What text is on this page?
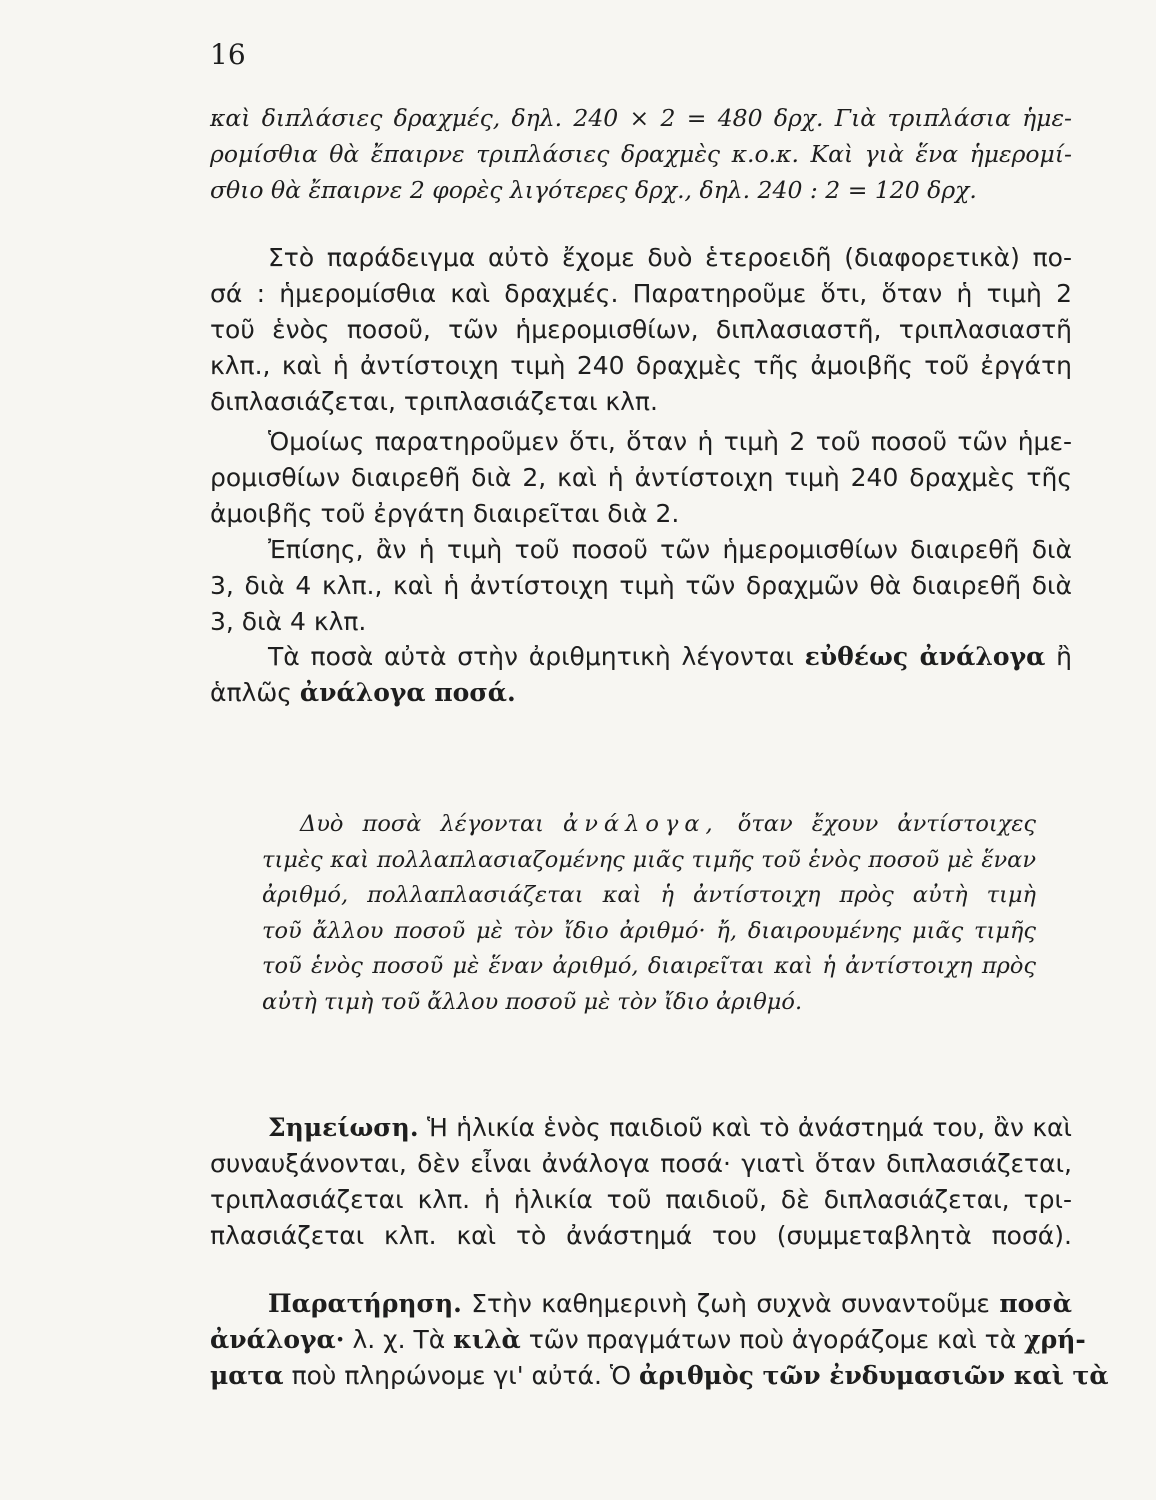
16
καὶ διπλάσιες δραχμές, δηλ. 240 × 2 = 480 δρχ. Γιὰ τριπλάσια ἡμε-
ρομίσθια θὰ ἔπαιρνε τριπλάσιες δραχμὲς κ.ο.κ. Καὶ γιὰ ἕνα ἡμερομί-
σθιο θὰ ἔπαιρνε 2 φορὲς λιγότερες δρχ., δηλ. 240 : 2 = 120 δρχ.
Στὸ παράδειγμα αὐτὸ ἔχομε δυὸ ἑτεροειδῆ (διαφορετικὰ) πο-
σά : ἡμερομίσθια καὶ δραχμές. Παρατηροῦμε ὅτι, ὅταν ἡ τιμὴ 2
τοῦ ἑνὸς ποσοῦ, τῶν ἡμερομισθίων, διπλασιαστῆ, τριπλασιαστῆ
κλπ., καὶ ἡ ἀντίστοιχη τιμὴ 240 δραχμὲς τῆς ἀμοιβῆς τοῦ ἐργάτη
διπλασιάζεται, τριπλασιάζεται κλπ.
Ὁμοίως παρατηροῦμεν ὅτι, ὅταν ἡ τιμὴ 2 τοῦ ποσοῦ τῶν ἡμε-
ρομισθίων διαιρεθῆ διὰ 2, καὶ ἡ ἀντίστοιχη τιμὴ 240 δραχμὲς τῆς
ἀμοιβῆς τοῦ ἐργάτη διαιρεῖται διὰ 2.
Ἐπίσης, ἂν ἡ τιμὴ τοῦ ποσοῦ τῶν ἡμερομισθίων διαιρεθῆ διὰ
3, διὰ 4 κλπ., καὶ ἡ ἀντίστοιχη τιμὴ τῶν δραχμῶν θὰ διαιρεθῆ διὰ
3, διὰ 4 κλπ.
Τὰ ποσὰ αὐτὰ στὴν ἀριθμητικὴ λέγονται εὐθέως ἀνάλογα ἢ
ἁπλῶς ἀνάλογα ποσά.
Δυὸ ποσὰ λέγονται ἀνάλογα, ὅταν ἔχουν ἀντίστοιχες
τιμὲς καὶ πολλαπλασιαζομένης μιᾶς τιμῆς τοῦ ἑνὸς ποσοῦ μὲ ἕναν
ἀριθμό, πολλαπλασιάζεται καὶ ἡ ἀντίστοιχη πρὸς αὐτὴ τιμὴ
τοῦ ἄλλου ποσοῦ μὲ τὸν ἴδιο ἀριθμό· ἤ, διαιρουμένης μιᾶς τιμῆς
τοῦ ἑνὸς ποσοῦ μὲ ἕναν ἀριθμό, διαιρεῖται καὶ ἡ ἀντίστοιχη πρὸς
αὐτὴ τιμὴ τοῦ ἄλλου ποσοῦ μὲ τὸν ἴδιο ἀριθμό.
Σημείωση. Ἡ ἡλικία ἑνὸς παιδιοῦ καὶ τὸ ἀνάστημά του, ἂν καὶ
συναυξάνονται, δὲν εἶναι ἀνάλογα ποσά· γιατὶ ὅταν διπλασιάζεται,
τριπλασιάζεται κλπ. ἡ ἡλικία τοῦ παιδιοῦ, δὲ διπλασιάζεται, τρι-
πλασιάζεται κλπ. καὶ τὸ ἀνάστημά του (συμμεταβλητὰ ποσά).
Παρατήρηση. Στὴν καθημερινὴ ζωὴ συχνὰ συναντοῦμε ποσὰ
ἀνάλογα· λ. χ. Τὰ κιλὰ τῶν πραγμάτων ποὺ ἀγοράζομε καὶ τὰ χρή-
ματα ποὺ πληρώνομε γι' αὐτά. Ὁ ἀριθμὸς τῶν ἐνδυμασιῶν καὶ τὰ
